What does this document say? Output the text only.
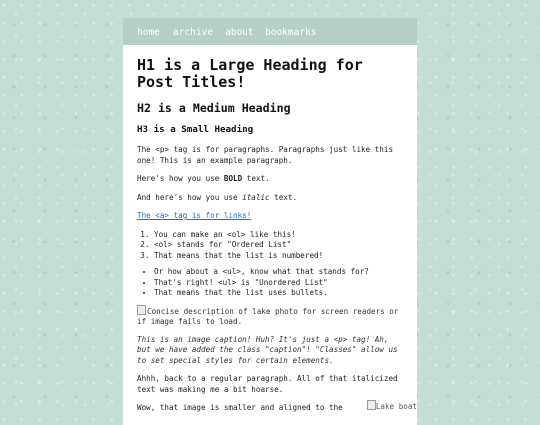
home archive about bookmarks
H1 is a Large Heading for Post Titles!
H2 is a Medium Heading
H3 is a Small Heading

The <p> tag is for paragraphs. Paragraphs just like this one! This is an example paragraph.

Here's how you use BOLD text.

And here's how you use italic text.

The <a> tag is for links!

1. You can make an <ol> like this!
2. <ol> stands for "Ordered List"
3. That means that the list is numbered!
• Or how about a <ul>, know what that stands for?
• That's right! <ul> is "Unordered List"
• That means that the list uses bullets.
Concise description of lake photo for screen readers or if image fails to load.

This is an image caption! Huh? It's just a <p> tag! Ah, but we have added the class "caption"! "Classes" allow us to set special styles for certain elements.

Ahhh, back to a regular paragraph. All of that italicized text was making me a bit hoarse.

Wow, that image is smaller and aligned to the	Lake boat
